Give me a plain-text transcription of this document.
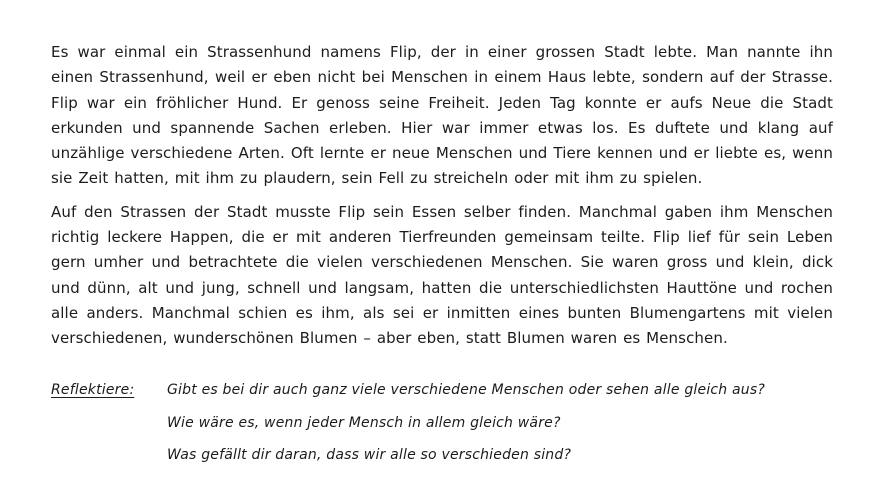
Es war einmal ein Strassenhund namens Flip, der in einer grossen Stadt lebte. Man nannte ihn einen Strassenhund, weil er eben nicht bei Menschen in einem Haus lebte, sondern auf der Strasse. Flip war ein fröhlicher Hund. Er genoss seine Freiheit. Jeden Tag konnte er aufs Neue die Stadt erkunden und spannende Sachen erleben. Hier war immer etwas los. Es duftete und klang auf unzählige verschiedene Arten. Oft lernte er neue Menschen und Tiere kennen und er liebte es, wenn sie Zeit hatten, mit ihm zu plaudern, sein Fell zu streicheln oder mit ihm zu spielen.

Auf den Strassen der Stadt musste Flip sein Essen selber finden. Manchmal gaben ihm Menschen richtig leckere Happen, die er mit anderen Tierfreunden gemeinsam teilte. Flip lief für sein Leben gern umher und betrachtete die vielen verschiedenen Menschen. Sie waren gross und klein, dick und dünn, alt und jung, schnell und langsam, hatten die unterschiedlichsten Hauttöne und rochen alle anders. Manchmal schien es ihm, als sei er inmitten eines bunten Blumengartens mit vielen verschiedenen, wunderschönen Blumen – aber eben, statt Blumen waren es Menschen.

Reflektiere:	Gibt es bei dir auch ganz viele verschiedene Menschen oder sehen alle gleich aus?
Wie wäre es, wenn jeder Mensch in allem gleich wäre?
Was gefällt dir daran, dass wir alle so verschieden sind?
